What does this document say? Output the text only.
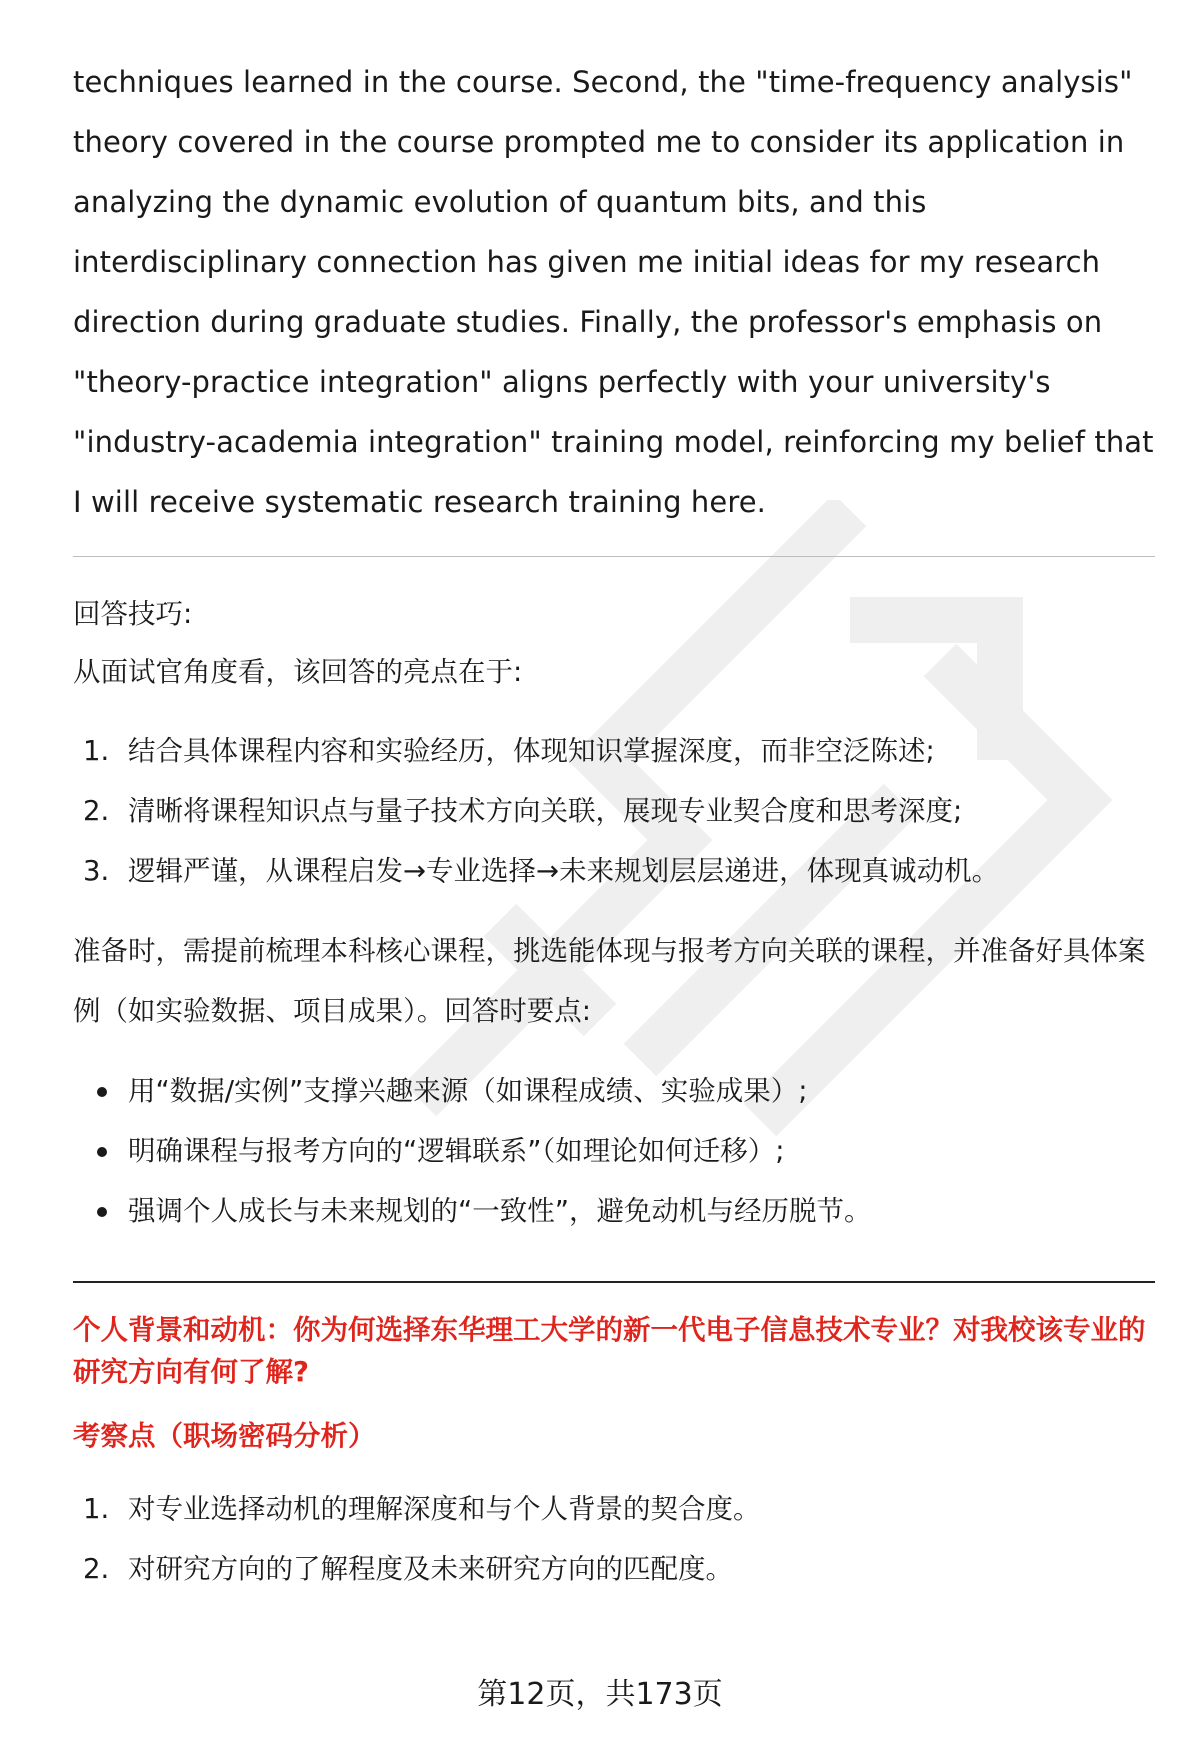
techniques learned in the course. Second, the "time-frequency analysis" theory covered in the course prompted me to consider its application in analyzing the dynamic evolution of quantum bits, and this interdisciplinary connection has given me initial ideas for my research direction during graduate studies. Finally, the professor's emphasis on "theory-practice integration" aligns perfectly with your university's "industry-academia integration" training model, reinforcing my belief that I will receive systematic research training here.

回答技巧:

从面试官角度看，该回答的亮点在于:

1. 结合具体课程内容和实验经历，体现知识掌握深度，而非空泛陈述;
2. 清晰将课程知识点与量子技术方向关联，展现专业契合度和思考深度;
3. 逻辑严谨，从课程启发→专业选择→未来规划层层递进，体现真诚动机。

准备时，需提前梳理本科核心课程，挑选能体现与报考方向关联的课程，并准备好具体案例（如实验数据、项目成果）。回答时要点:

用“数据/实例”支撑兴趣来源（如课程成绩、实验成果）;
明确课程与报考方向的“逻辑联系”（如理论如何迁移）;
强调个人成长与未来规划的“一致性”，避免动机与经历脱节。

个人背景和动机：你为何选择东华理工大学的新一代电子信息技术专业？对我校该专业的研究方向有何了解?

考察点（职场密码分析）

1. 对专业选择动机的理解深度和与个人背景的契合度。
2. 对研究方向的了解程度及未来研究方向的匹配度。
第12页，共173页
